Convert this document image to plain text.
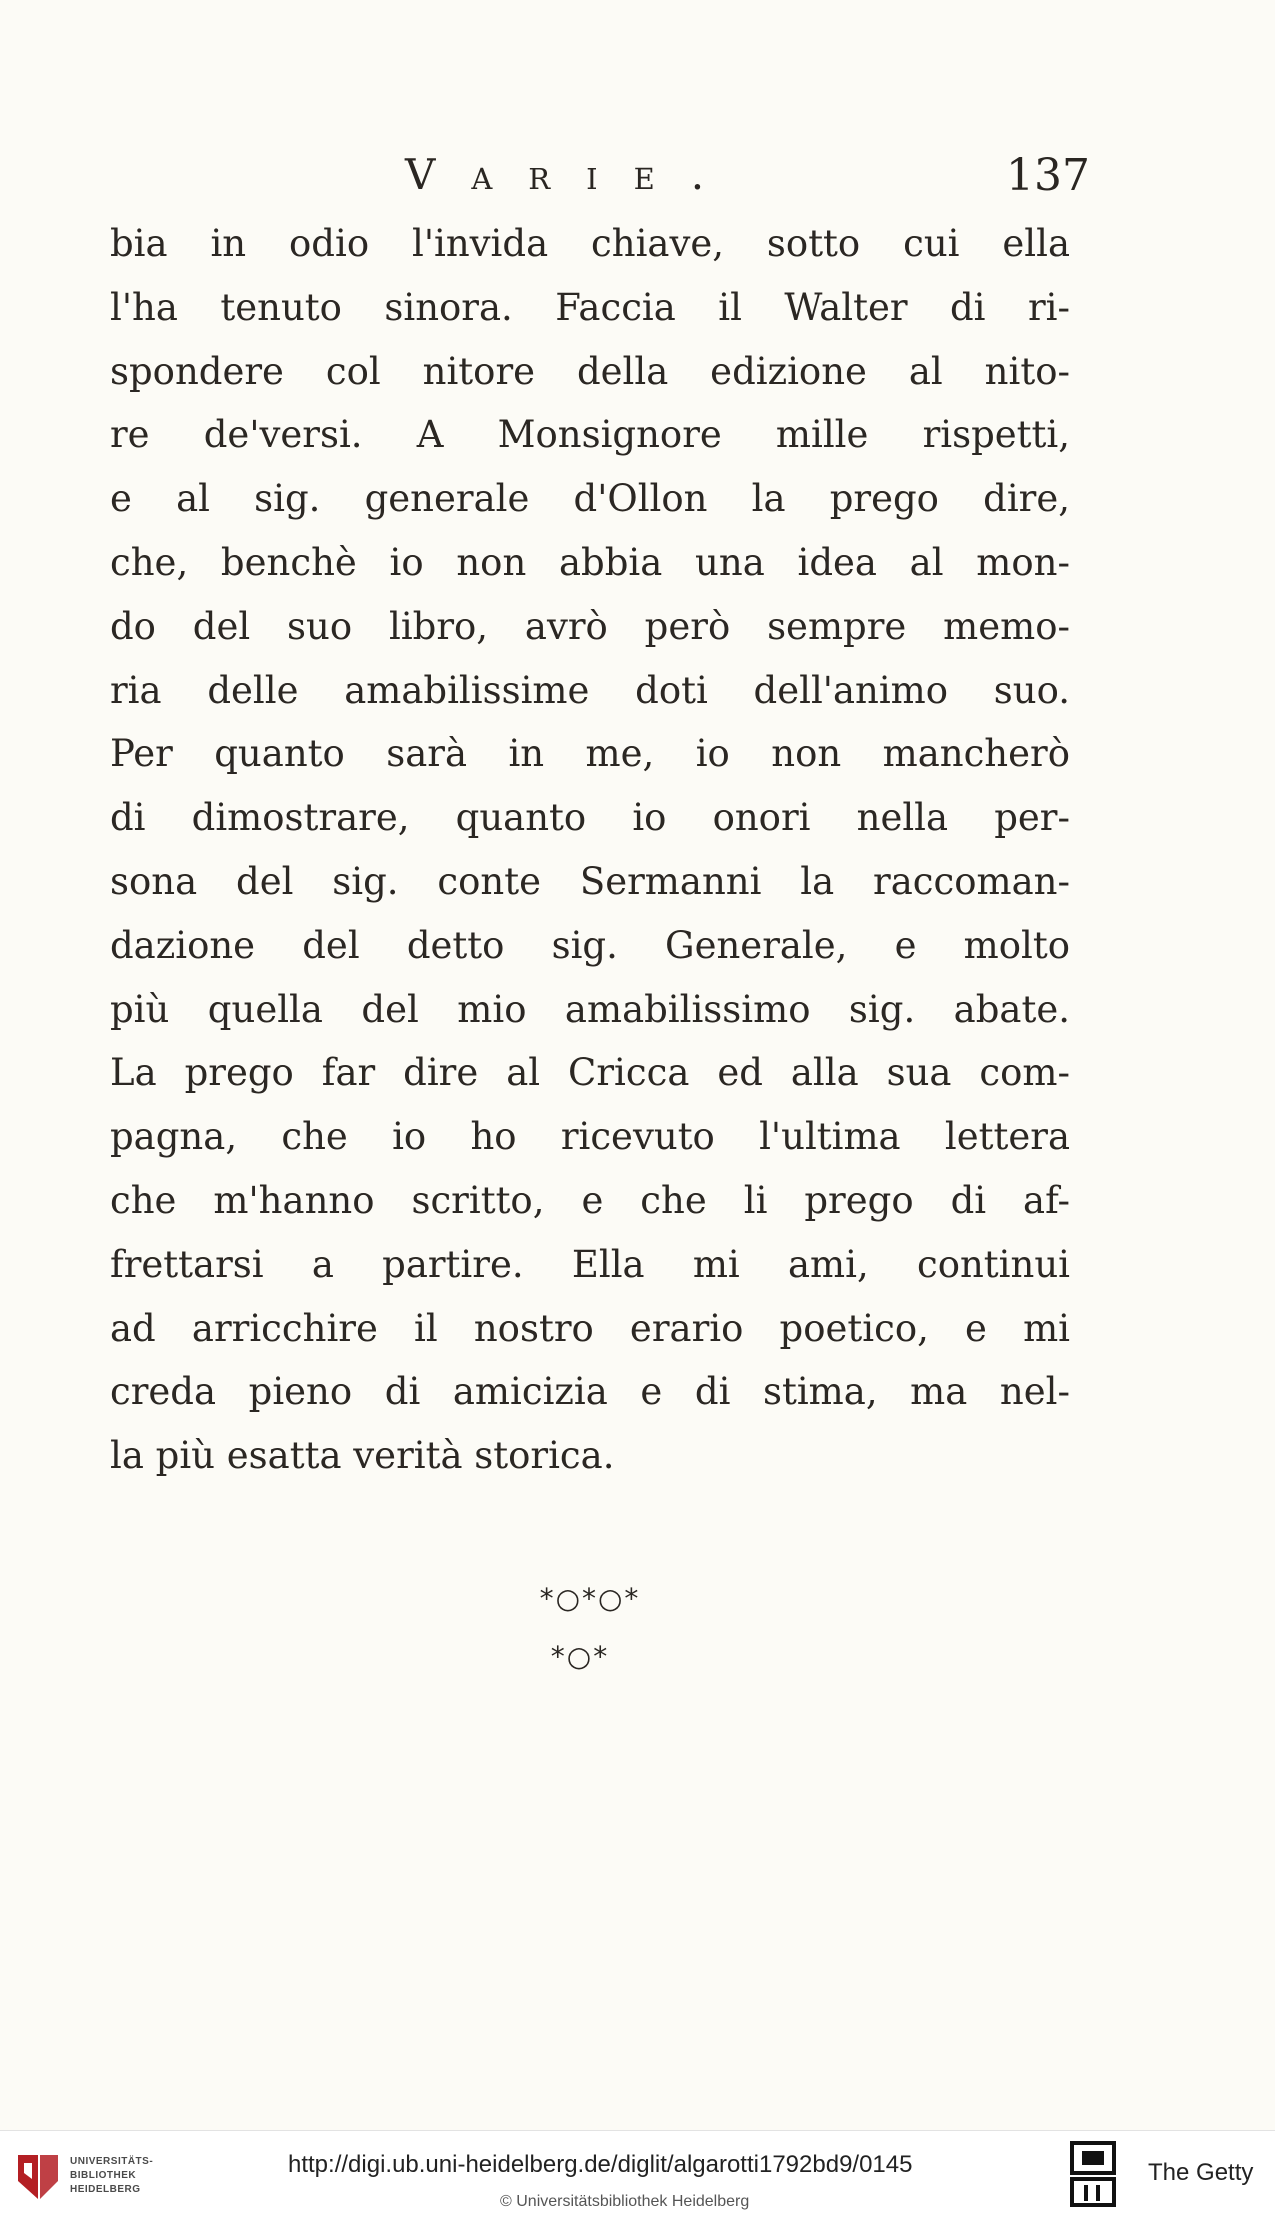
Varie.	137
bia in odio l'invida chiave, sotto cui ella
l'ha tenuto sinora. Faccia il Walter di ri-
spondere col nitore della edizione al nito-
re de'versi. A Monsignore mille rispetti,
e al sig. generale d'Ollon la prego dire,
che, benchè io non abbia una idea al mon-
do del suo libro, avrò però sempre memo-
ria delle amabilissime doti dell'animo suo.
Per quanto sarà in me, io non mancherò
di dimostrare, quanto io onori nella per-
sona del sig. conte Sermanni la raccoman-
dazione del detto sig. Generale, e molto
più quella del mio amabilissimo sig. abate.
La prego far dire al Cricca ed alla sua com-
pagna, che io ho ricevuto l'ultima lettera
che m'hanno scritto, e che li prego di af-
frettarsi a partire. Ella mi ami, continui
ad arricchire il nostro erario poetico, e mi
creda pieno di amicizia e di stima, ma nel-
la più esatta verità storica.
*○*○*
*○*
UNIVERSITÄTS-
BIBLIOTHEK
HEIDELBERG
http://digi.ub.uni-heidelberg.de/diglit/algarotti1792bd9/0145
© Universitätsbibliothek Heidelberg
The Getty
